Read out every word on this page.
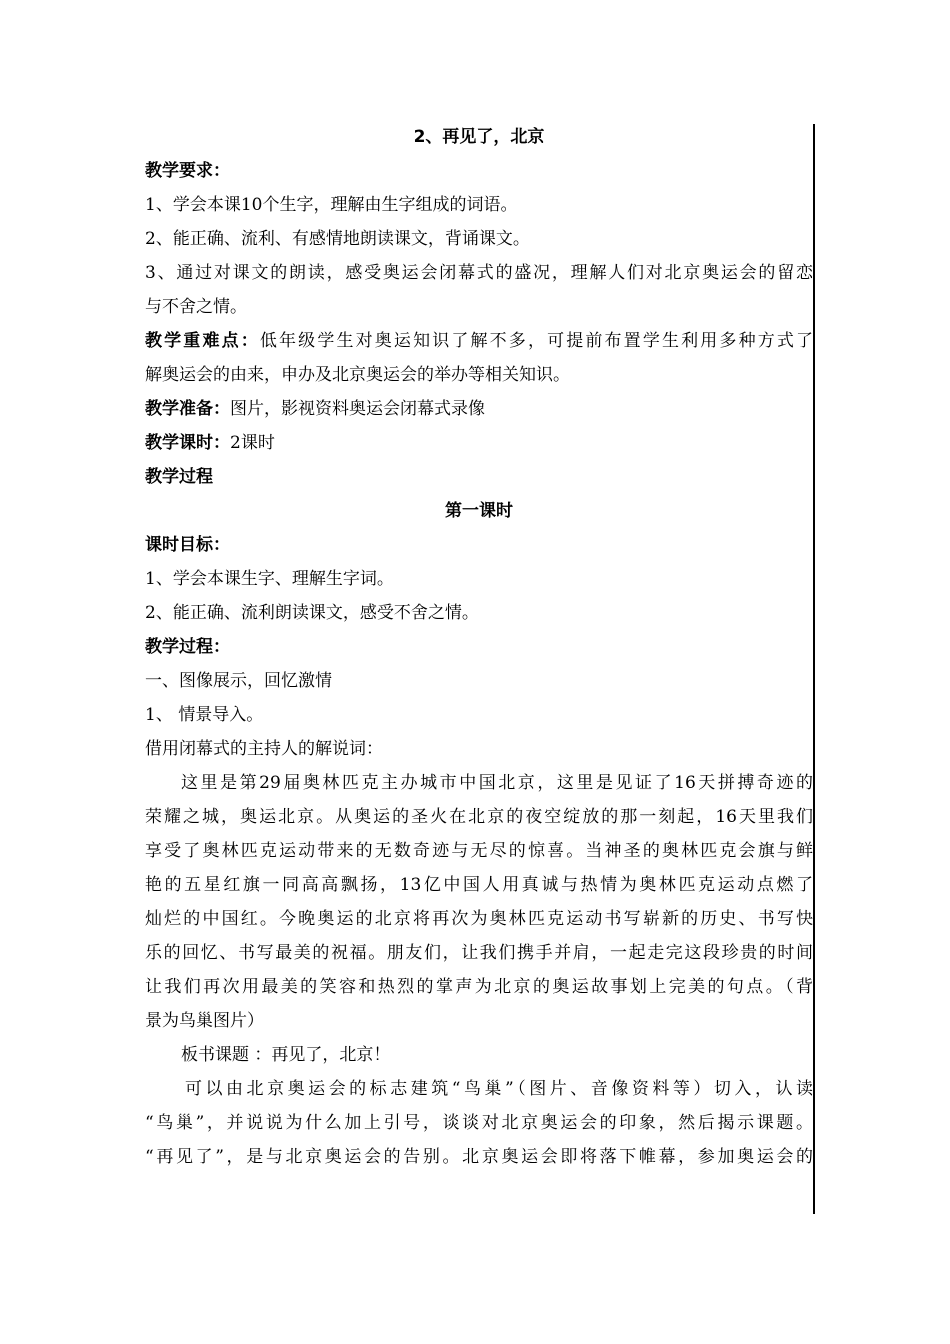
2、再见了，北京
教学要求：
1、学会本课10个生字，理解由生字组成的词语。
2、能正确、流利、有感情地朗读课文，背诵课文。
3、通过对课文的朗读，感受奥运会闭幕式的盛况，理解人们对北京奥运会的留恋
与不舍之情。
教学重难点：低年级学生对奥运知识了解不多，可提前布置学生利用多种方式了
解奥运会的由来，申办及北京奥运会的举办等相关知识。
教学准备：图片，影视资料奥运会闭幕式录像
教学课时：2课时
教学过程
第一课时
课时目标：
1、学会本课生字、理解生字词。
2、能正确、流利朗读课文，感受不舍之情。
教学过程：
一、图像展示，回忆激情
1、 情景导入。
借用闭幕式的主持人的解说词：
这里是第29届奥林匹克主办城市中国北京，这里是见证了16天拼搏奇迹的
荣耀之城，奥运北京。从奥运的圣火在北京的夜空绽放的那一刻起，16天里我们
享受了奥林匹克运动带来的无数奇迹与无尽的惊喜。当神圣的奥林匹克会旗与鲜
艳的五星红旗一同高高飘扬，13亿中国人用真诚与热情为奥林匹克运动点燃了
灿烂的中国红。今晚奥运的北京将再次为奥林匹克运动书写崭新的历史、书写快
乐的回忆、书写最美的祝福。朋友们，让我们携手并肩，一起走完这段珍贵的时间
让我们再次用最美的笑容和热烈的掌声为北京的奥运故事划上完美的句点。（背
景为鸟巢图片）
板书课题 ：再见了，北京！
可以由北京奥运会的标志建筑“鸟巢”（图片、音像资料等）切入，认读
“鸟巢”，并说说为什么加上引号，谈谈对北京奥运会的印象，然后揭示课题。
“再见了”，是与北京奥运会的告别。北京奥运会即将落下帷幕，参加奥运会的
